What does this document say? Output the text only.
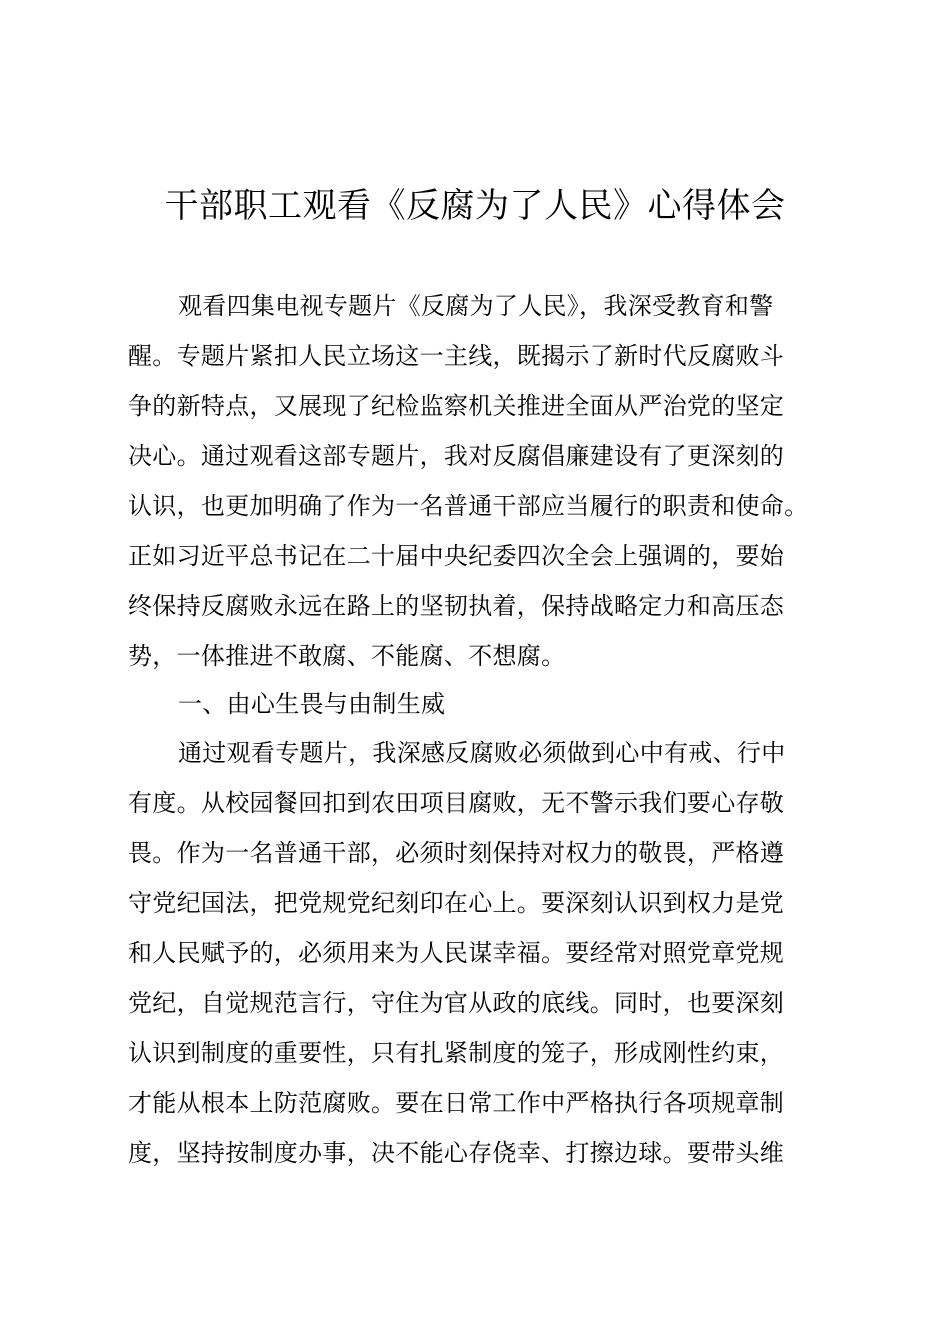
干部职工观看《反腐为了人民》心得体会
观看四集电视专题片《反腐为了人民》，我深受教育和警
醒。专题片紧扣人民立场这一主线，既揭示了新时代反腐败斗
争的新特点，又展现了纪检监察机关推进全面从严治党的坚定
决心。通过观看这部专题片，我对反腐倡廉建设有了更深刻的
认识，也更加明确了作为一名普通干部应当履行的职责和使命。
正如习近平总书记在二十届中央纪委四次全会上强调的，要始
终保持反腐败永远在路上的坚韧执着，保持战略定力和高压态
势，一体推进不敢腐、不能腐、不想腐。
一、由心生畏与由制生威
通过观看专题片，我深感反腐败必须做到心中有戒、行中
有度。从校园餐回扣到农田项目腐败，无不警示我们要心存敬
畏。作为一名普通干部，必须时刻保持对权力的敬畏，严格遵
守党纪国法，把党规党纪刻印在心上。要深刻认识到权力是党
和人民赋予的，必须用来为人民谋幸福。要经常对照党章党规
党纪，自觉规范言行，守住为官从政的底线。同时，也要深刻
认识到制度的重要性，只有扎紧制度的笼子，形成刚性约束，
才能从根本上防范腐败。要在日常工作中严格执行各项规章制
度，坚持按制度办事，决不能心存侥幸、打擦边球。要带头维
